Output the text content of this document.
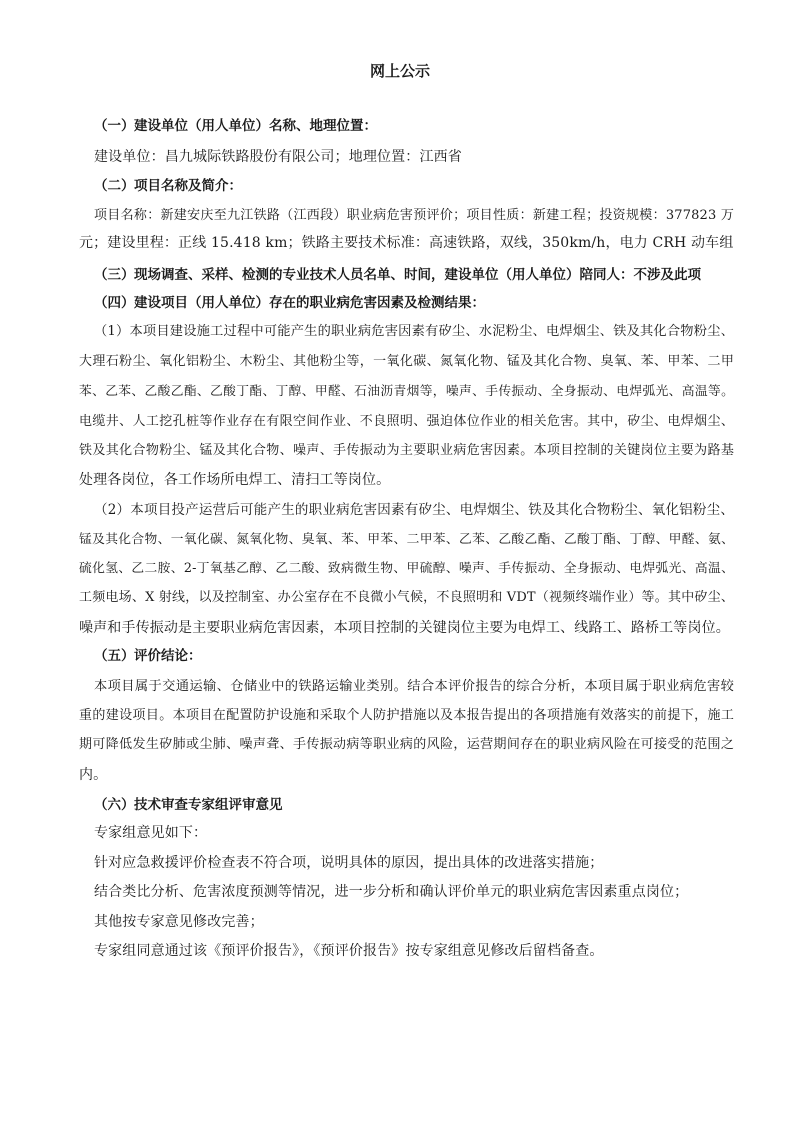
网上公示
（一）建设单位（用人单位）名称、地理位置：
建设单位：昌九城际铁路股份有限公司；地理位置：江西省
（二）项目名称及简介：
项目名称：新建安庆至九江铁路（江西段）职业病危害预评价；项目性质：新建工程；投资规模：377823 万
元；建设里程：正线 15.418 km；铁路主要技术标准：高速铁路，双线，350km/h，电力 CRH 动车组
（三）现场调查、采样、检测的专业技术人员名单、时间，建设单位（用人单位）陪同人：不涉及此项
（四）建设项目（用人单位）存在的职业病危害因素及检测结果：
（1）本项目建设施工过程中可能产生的职业病危害因素有矽尘、水泥粉尘、电焊烟尘、铁及其化合物粉尘、
大理石粉尘、氧化铝粉尘、木粉尘、其他粉尘等，一氧化碳、氮氧化物、锰及其化合物、臭氧、苯、甲苯、二甲
苯、乙苯、乙酸乙酯、乙酸丁酯、丁醇、甲醛、石油沥青烟等，噪声、手传振动、全身振动、电焊弧光、高温等。
电缆井、人工挖孔桩等作业存在有限空间作业、不良照明、强迫体位作业的相关危害。其中，矽尘、电焊烟尘、
铁及其化合物粉尘、锰及其化合物、噪声、手传振动为主要职业病危害因素。本项目控制的关键岗位主要为路基
处理各岗位，各工作场所电焊工、清扫工等岗位。
（2）本项目投产运营后可能产生的职业病危害因素有矽尘、电焊烟尘、铁及其化合物粉尘、氧化铝粉尘、
锰及其化合物、一氧化碳、氮氧化物、臭氧、苯、甲苯、二甲苯、乙苯、乙酸乙酯、乙酸丁酯、丁醇、甲醛、氨、
硫化氢、乙二胺、2-丁氧基乙醇、乙二酸、致病微生物、甲硫醇、噪声、手传振动、全身振动、电焊弧光、高温、
工频电场、X 射线，以及控制室、办公室存在不良微小气候，不良照明和 VDT（视频终端作业）等。其中矽尘、
噪声和手传振动是主要职业病危害因素，本项目控制的关键岗位主要为电焊工、线路工、路桥工等岗位。
（五）评价结论：
本项目属于交通运输、仓储业中的铁路运输业类别。结合本评价报告的综合分析，本项目属于职业病危害较
重的建设项目。本项目在配置防护设施和采取个人防护措施以及本报告提出的各项措施有效落实的前提下，施工
期可降低发生矽肺或尘肺、噪声聋、手传振动病等职业病的风险，运营期间存在的职业病风险在可接受的范围之
内。
（六）技术审查专家组评审意见
专家组意见如下：
针对应急救援评价检查表不符合项，说明具体的原因，提出具体的改进落实措施；
结合类比分析、危害浓度预测等情况，进一步分析和确认评价单元的职业病危害因素重点岗位；
其他按专家意见修改完善；
专家组同意通过该《预评价报告》，《预评价报告》按专家组意见修改后留档备查。
